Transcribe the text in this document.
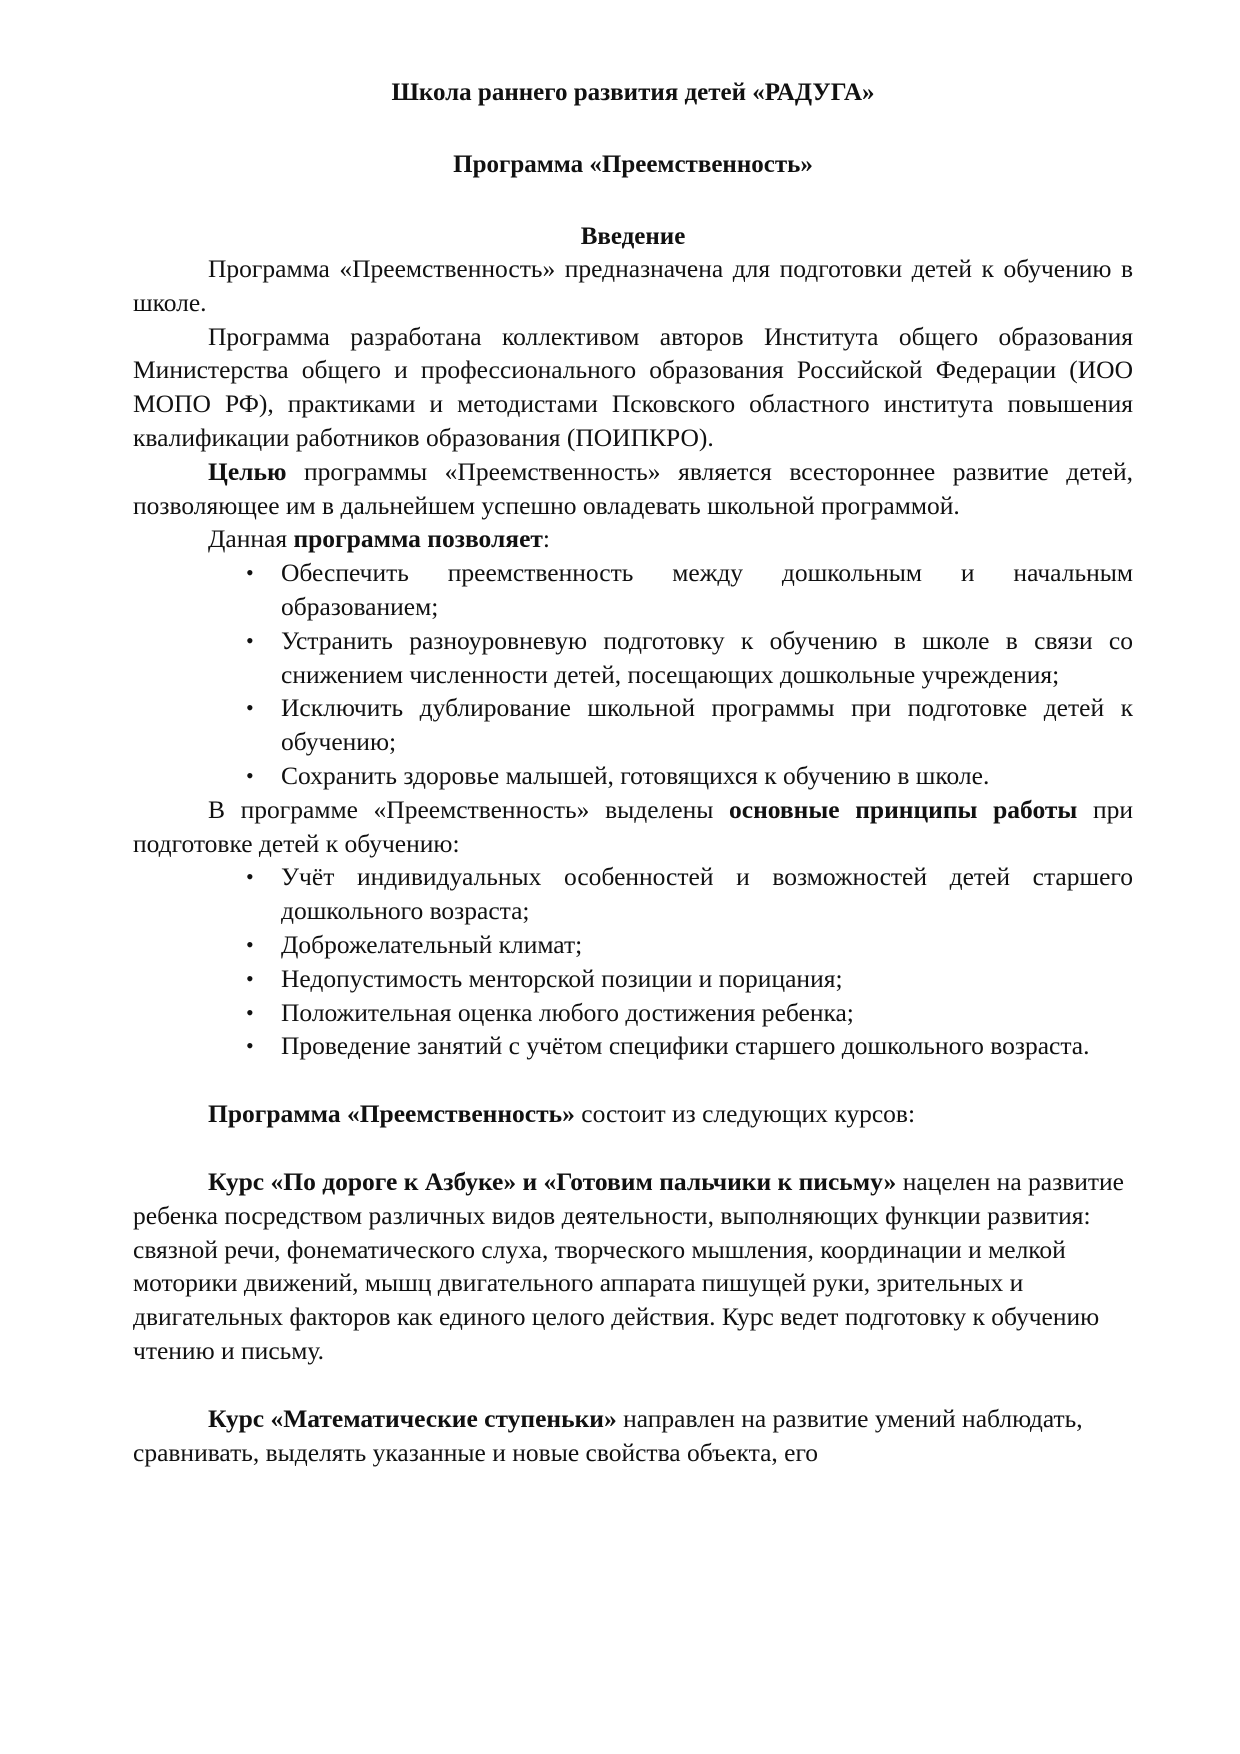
Школа раннего развития детей «РАДУГА»
Программа «Преемственность»
Введение

Программа «Преемственность» предназначена для подготовки детей к обучению в школе.

Программа разработана коллективом авторов Института общего образования Министерства общего и профессионального образования Российской Федерации (ИОО МОПО РФ), практиками и методистами Псковского областного института повышения квалификации работников образования (ПОИПКРО).

Целью программы «Преемственность» является всестороннее развитие детей, позволяющее им в дальнейшем успешно овладевать школьной программой.

Данная программа позволяет:

• Обеспечить преемственность между дошкольным и начальным образованием;
• Устранить разноуровневую подготовку к обучению в школе в связи со снижением численности детей, посещающих дошкольные учреждения;
• Исключить дублирование школьной программы при подготовке детей к обучению;
• Сохранить здоровье малышей, готовящихся к обучению в школе.

В программе «Преемственность» выделены основные принципы работы при подготовке детей к обучению:

• Учёт индивидуальных особенностей и возможностей детей старшего дошкольного возраста;
• Доброжелательный климат;
• Недопустимость менторской позиции и порицания;
• Положительная оценка любого достижения ребенка;
• Проведение занятий с учётом специфики старшего дошкольного возраста.

Программа «Преемственность» состоит из следующих курсов:

Курс «По дороге к Азбуке» и «Готовим пальчики к письму» нацелен на развитие ребенка посредством различных видов деятельности, выполняющих функции развития: связной речи, фонематического слуха, творческого мышления, координации и мелкой моторики движений, мышц двигательного аппарата пишущей руки, зрительных и двигательных факторов как единого целого действия. Курс ведет подготовку к обучению чтению и письму.

Курс «Математические ступеньки» направлен на развитие умений наблюдать, сравнивать, выделять указанные и новые свойства объекта, его
